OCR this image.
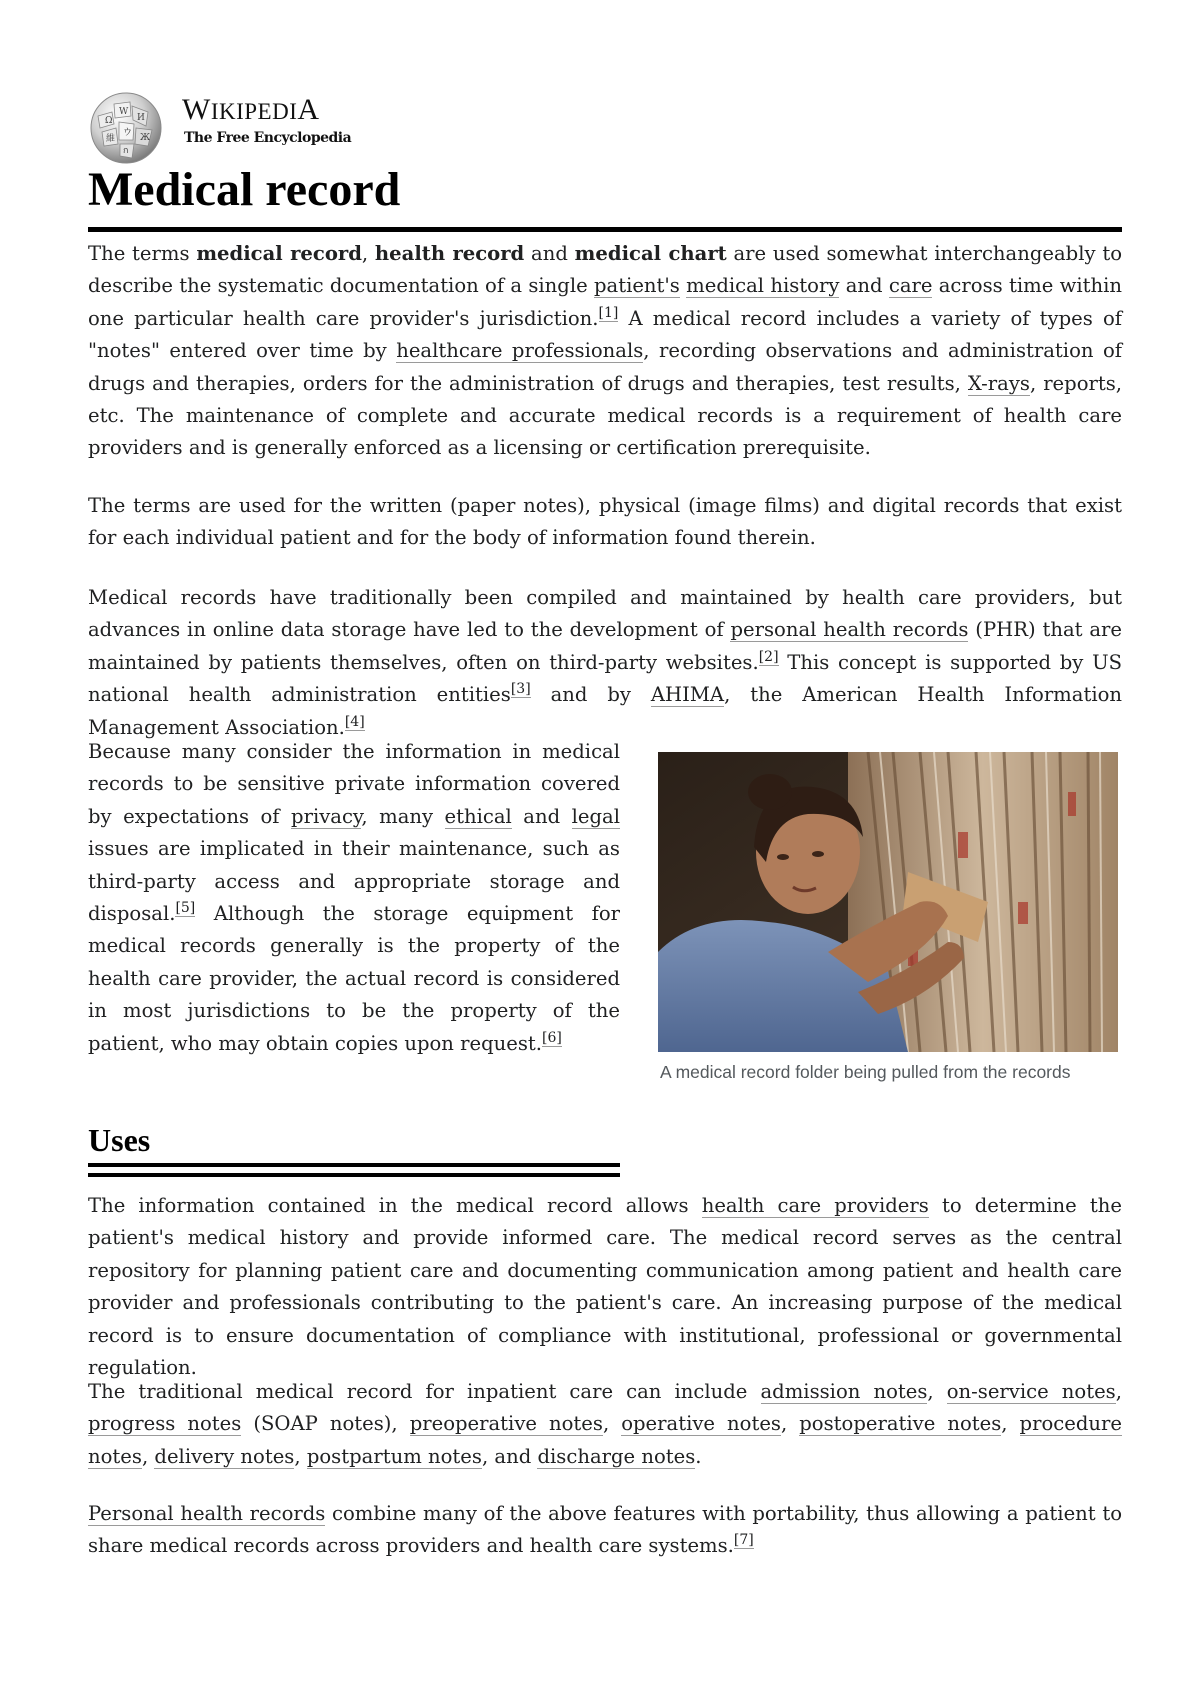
Ω
W
И
維
ウ Ж
ก
WIKIPEDIA
The Free Encyclopedia
Medical record

The terms medical record, health record and medical chart are used somewhat interchangeably to describe the systematic documentation of a single patient's medical history and care across time within one particular health care provider's jurisdiction.[1] A medical record includes a variety of types of "notes" entered over time by healthcare professionals, recording observations and administration of drugs and therapies, orders for the administration of drugs and therapies, test results, X-rays, reports, etc. The maintenance of complete and accurate medical records is a requirement of health care providers and is generally enforced as a licensing or certification prerequisite.

The terms are used for the written (paper notes), physical (image films) and digital records that exist for each individual patient and for the body of information found therein.

Medical records have traditionally been compiled and maintained by health care providers, but advances in online data storage have led to the development of personal health records (PHR) that are maintained by patients themselves, often on third-party websites.[2] This concept is supported by US national health administration entities[3] and by AHIMA, the American Health Information Management Association.[4]

Because many consider the information in medical records to be sensitive private information covered by expectations of privacy, many ethical and legal issues are implicated in their maintenance, such as third-party access and appropriate storage and disposal.[5] Although the storage equipment for medical records generally is the property of the health care provider, the actual record is considered in most jurisdictions to be the property of the patient, who may obtain copies upon request.[6]

A medical record folder being pulled from the records
Uses

The information contained in the medical record allows health care providers to determine the patient's medical history and provide informed care. The medical record serves as the central repository for planning patient care and documenting communication among patient and health care provider and professionals contributing to the patient's care. An increasing purpose of the medical record is to ensure documentation of compliance with institutional, professional or governmental regulation.

The traditional medical record for inpatient care can include admission notes, on-service notes, progress notes (SOAP notes), preoperative notes, operative notes, postoperative notes, procedure notes, delivery notes, postpartum notes, and discharge notes.

Personal health records combine many of the above features with portability, thus allowing a patient to share medical records across providers and health care systems.[7]
